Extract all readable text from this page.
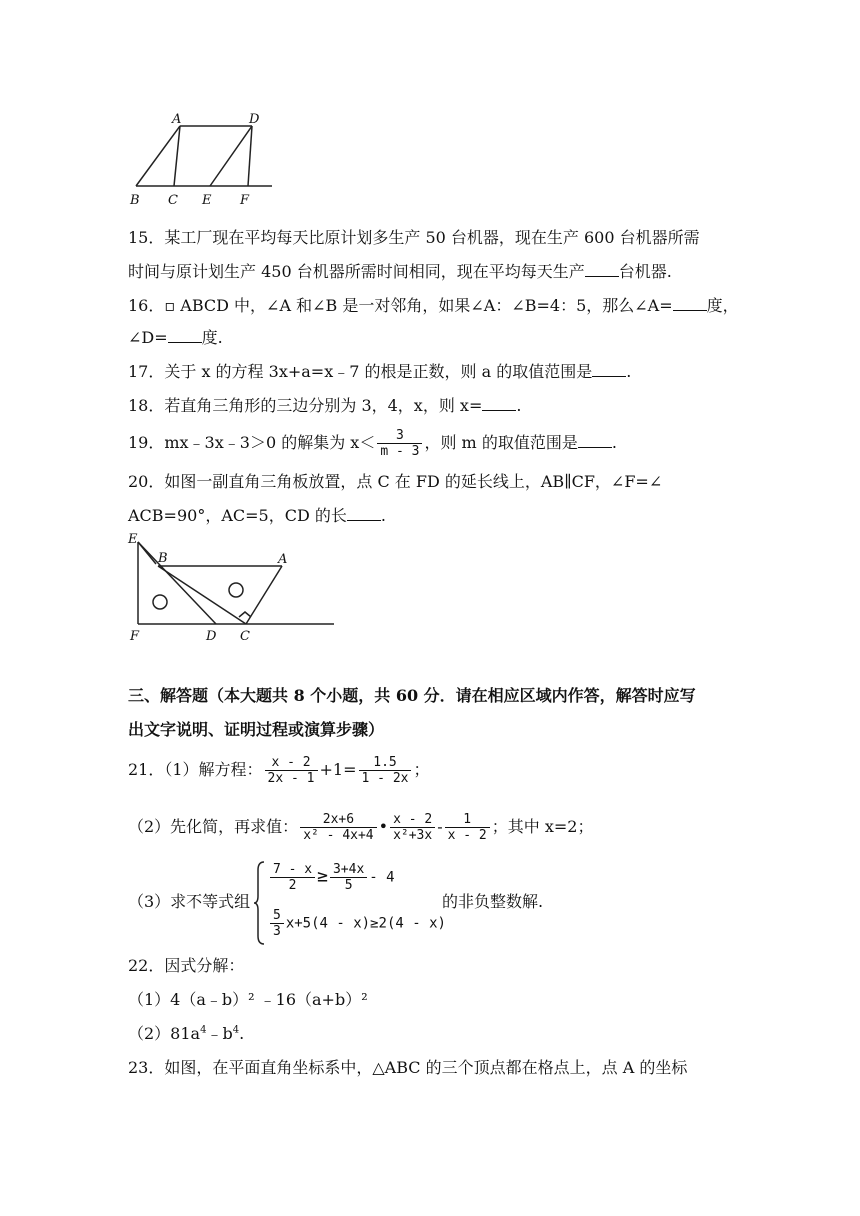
A	D
B C E F
15．某工厂现在平均每天比原计划多生产 50 台机器，现在生产 600 台机器所需
时间与原计划生产 450 台机器所需时间相同，现在平均每天生产 台机器.
16．▫ ABCD 中，∠A 和∠B 是一对邻角，如果∠A：∠B=4：5，那么∠A= 度，
∠D= 度.
17．关于 x 的方程 3x+a=x﹣7 的根是正数，则 a 的取值范围是 .
18．若直角三角形的三边分别为 3，4，x，则 x= .
19．mx﹣3x﹣3＞0 的解集为 $x< \frac{3}{m - 3}$ ，则 m 的取值范围是 .
20．如图一副直角三角板放置，点 C 在 FD 的延长线上，AB∥CF，∠F=∠
ACB=90°，AC=5，CD 的长 .
E
B	A
F	D C
三、解答题（本大题共 8 个小题，共 60 分．请在相应区域内作答，解答时应写
出文字说明、证明过程或演算步骤）
21．（1）解方程： $\frac{x - 2}{2x - 1} +1= \frac{1.5}{1 - 2x}$ ；
（2）先化简，再求值： $\frac{2x+6}{\text{x² - 4x+4}}$ • $\frac{x - 2}{\text{x²+3x}} - \frac{1}{x - 2}$ ；其中 x=2；
（3）求不等式组
$\frac{7 - x}{2} \ge \frac{3+4x}{5} - 4$
$\frac{5}{3} x+5(4 - x)\ge 2(4 - x)$
的非负整数解.
22．因式分解：
（1）4（a﹣b）² ﹣16（a+b）²
$(2)81a^4﹣b^4$.
23．如图，在平面直角坐标系中，△ABC 的三个顶点都在格点上，点 A 的坐标
